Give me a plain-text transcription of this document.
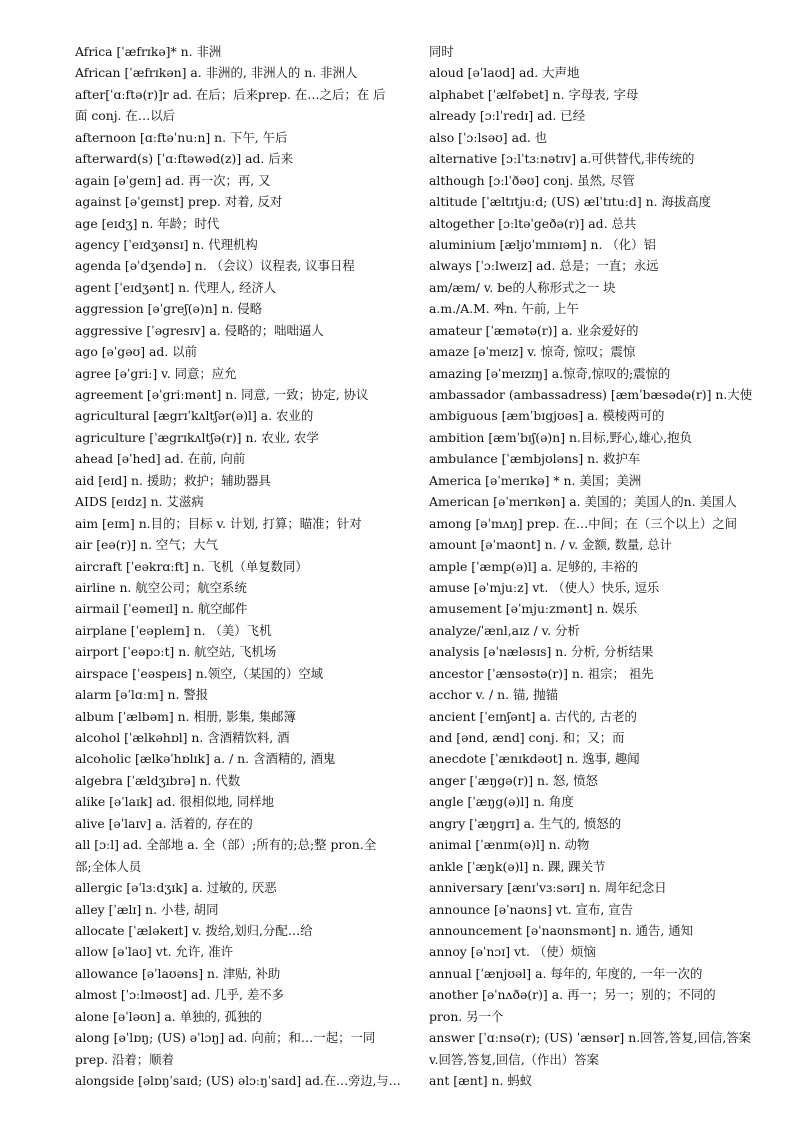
Africa [ˈæfrɪkə]* n. 非洲
African [ˈæfrɪkən] a. 非洲的, 非洲人的 n. 非洲人
after[ˈɑːftə(r)]r ad. 在后；后来prep. 在…之后；在 后
面 conj. 在…以后
afternoon [ɑːftəˈnuːn] n. 下午, 午后
afterward(s) [ˈɑːftəwəd(z)] ad. 后来
again [əˈgeɪn] ad. 再一次；再, 又
against [əˈgeɪnst] prep. 对着, 反对
age [eɪdʒ] n. 年龄；时代
agency [ˈeɪdʒənsɪ] n. 代理机构
agenda [əˈdʒendə] n. （会议）议程表, 议事日程
agent [ˈeɪdʒənt] n. 代理人, 经济人
aggression [əˈgreʃ(ə)n] n. 侵略
aggressive [ˈəgresɪv] a. 侵略的；咄咄逼人
ago [əˈgəʊ] ad. 以前
agree [əˈgriː] v. 同意；应允
agreement [əˈgriːmənt] n. 同意, 一致；协定, 协议
agricultural [ægrɪˈkʌltʃər(ə)l] a. 农业的
agriculture [ˈægrɪkʌltʃə(r)] n. 农业, 农学
ahead [əˈhed] ad. 在前, 向前
aid [eɪd] n. 援助；救护；辅助器具
AIDS [eɪdz] n. 艾滋病
aim [eɪm] n.目的；目标 v. 计划, 打算；瞄准；针对
air [eə(r)] n. 空气；大气
aircraft [ˈeəkrɑːft] n. 飞机（单复数同）
airline n. 航空公司；航空系统
airmail [ˈeəmeɪl] n. 航空邮件
airplane [ˈeəpleɪn] n. （美）飞机
airport [ˈeəpɔːt] n. 航空站, 飞机场
airspace [ˈeəspeɪs] n.领空,（某国的）空域
alarm [əˈlɑːm] n. 警报
album [ˈælbəm] n. 相册, 影集, 集邮簿
alcohol [ˈælkəhɒl] n. 含酒精饮料, 酒
alcoholic [ælkəˈhɒlɪk] a. / n. 含酒精的, 酒鬼
algebra [ˈældʒɪbrə] n. 代数
alike [əˈlaɪk] ad. 很相似地, 同样地
alive [əˈlaɪv] a. 活着的, 存在的
all [ɔːl] ad. 全部地 a. 全（部）;所有的;总;整 pron.全
部;全体人员
allergic [əˈlɜːdʒɪk] a. 过敏的, 厌恶
alley [ˈælɪ] n. 小巷, 胡同
allocate [ˈæləkeɪt] v. 拨给,划归,分配…给
allow [əˈlaʊ] vt. 允许, 准许
allowance [əˈlaʊəns] n. 津贴, 补助
almost [ˈɔːlməʊst] ad. 几乎, 差不多
alone [əˈləʊn] a. 单独的, 孤独的
along [əˈlɒŋ; (US) əˈlɔŋ] ad. 向前；和…一起；一同
prep. 沿着；顺着
alongside [əlɒŋˈsaɪd; (US) əlɔːŋˈsaɪd] ad.在…旁边,与…
同时
aloud [əˈlaʊd] ad. 大声地
alphabet [ˈælfəbet] n. 字母表, 字母
already [ɔːlˈredɪ] ad. 已经
also [ˈɔːlsəʊ] ad. 也
alternative [ɔːlˈtɜːnətɪv] a.可供替代,非传统的
although [ɔːlˈðəʊ] conj. 虽然, 尽管
altitude [ˈæltɪtjuːd; (US) ælˈtɪtuːd] n. 海拔高度
altogether [ɔːltəˈgeðə(r)] ad. 总共
aluminium [æljʊˈmɪnɪəm] n. （化）铝
always [ˈɔːlweɪz] ad. 总是；一直；永远
am/æm/ v. be的人称形式之一 块
a.m./A.M. 쨔n. 午前, 上午
amateur [ˈæmətə(r)] a. 业余爱好的
amaze [əˈmeɪz] v. 惊奇, 惊叹；震惊
amazing [əˈmeɪzɪŋ] a.惊奇,惊叹的;震惊的
ambassador (ambassadress) [æmˈbæsədə(r)] n.大使
ambiguous [æmˈbɪgjʊəs] a. 模棱两可的
ambition [æmˈbɪʃ(ə)n] n.目标,野心,雄心,抱负
ambulance [ˈæmbjʊləns] n. 救护车
America [əˈmerɪkə] * n. 美国；美洲
American [əˈmerɪkən] a. 美国的；美国人的n. 美国人
among [əˈmʌŋ] prep. 在…中间；在（三个以上）之间
amount [əˈmaʊnt] n. / v. 金额, 数量, 总计
ample [ˈæmp(ə)l] a. 足够的, 丰裕的
amuse [əˈmjuːz] vt. （使人）快乐, 逗乐
amusement [əˈmjuːzmənt] n. 娱乐
analyze/ˈænl,aɪz / v. 分析
analysis [əˈnæləsɪs] n. 分析, 分析结果
ancestor [ˈænsəstə(r)] n. 祖宗； 祖先
acchor v. / n. 锚, 抛锚
ancient [ˈeɪnʃənt] a. 古代的, 古老的
and [ənd, ænd] conj. 和；又；而
anecdote [ˈænɪkdəʊt] n. 逸事, 趣闻
anger [ˈæŋgə(r)] n. 怒, 愤怒
angle [ˈæŋg(ə)l] n. 角度
angry [ˈæŋgrɪ] a. 生气的, 愤怒的
animal [ˈænɪm(ə)l] n. 动物
ankle [ˈæŋk(ə)l] n. 踝, 踝关节
anniversary [ænɪˈvɜːsərɪ] n. 周年纪念日
announce [əˈnaʊns] vt. 宣布, 宣告
announcement [əˈnaʊnsmənt] n. 通告, 通知
annoy [əˈnɔɪ] vt. （使）烦恼
annual [ˈænjʊəl] a. 每年的, 年度的, 一年一次的
another [əˈnʌðə(r)] a. 再一；另一；别的；不同的
pron. 另一个
answer [ˈɑːnsə(r); (US) ˈænsər] n.回答,答复,回信,答案
v.回答,答复,回信,（作出）答案
ant [ænt] n. 蚂蚁
